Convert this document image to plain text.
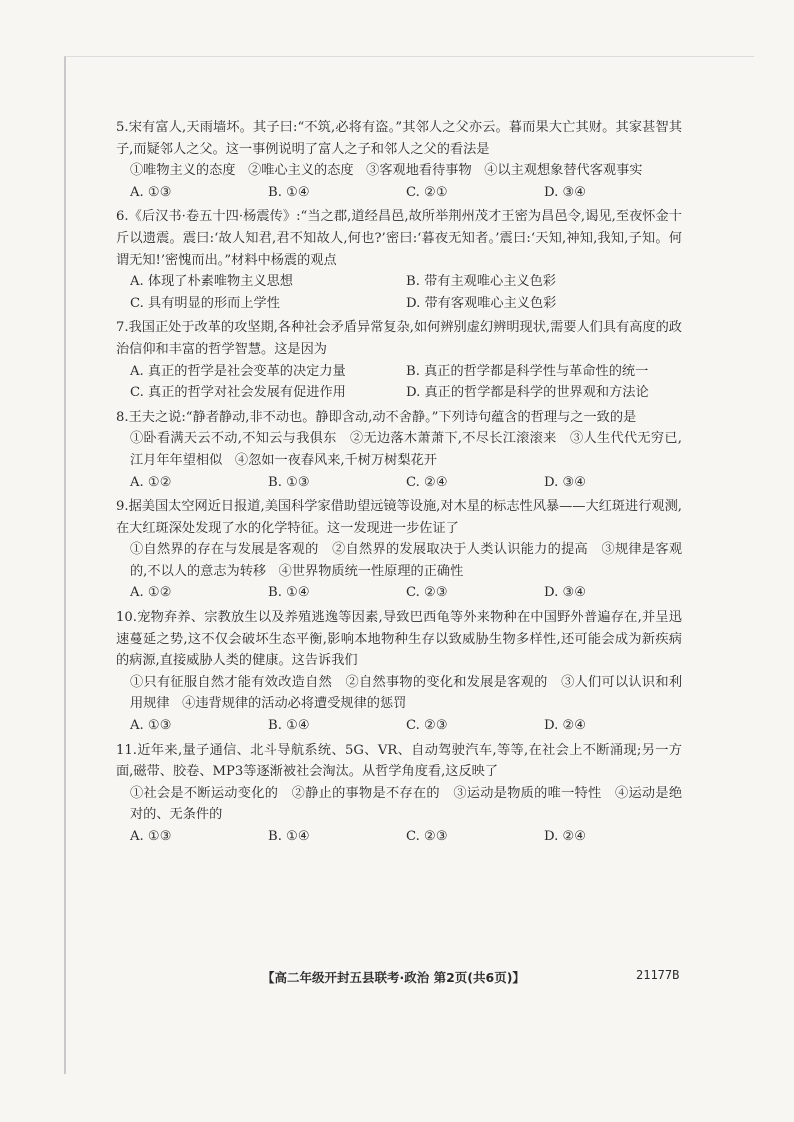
5.宋有富人,天雨墙坏。其子曰:“不筑,必将有盗。”其邻人之父亦云。暮而果大亡其财。其家甚智其子,而疑邻人之父。这一事例说明了富人之子和邻人之父的看法是

①唯物主义的态度 ②唯心主义的态度 ③客观地看待事物 ④以主观想象替代客观事实

A. ①③	B. ①④	C. ②①	D. ③④

6.《后汉书·卷五十四·杨震传》:“当之郡,道经昌邑,故所举荆州茂才王密为昌邑令,谒见,至夜怀金十斤以遗震。震曰:‘故人知君,君不知故人,何也?’密曰:‘暮夜无知者。’震曰:‘天知,神知,我知,子知。何谓无知!’密愧而出。”材料中杨震的观点

A. 体现了朴素唯物主义思想	B. 带有主观唯心主义色彩
C. 具有明显的形而上学性	D. 带有客观唯心主义色彩

7.我国正处于改革的攻坚期,各种社会矛盾异常复杂,如何辨别虚幻辨明现状,需要人们具有高度的政治信仰和丰富的哲学智慧。这是因为

A. 真正的哲学是社会变革的决定力量	B. 真正的哲学都是科学性与革命性的统一
C. 真正的哲学对社会发展有促进作用	D. 真正的哲学都是科学的世界观和方法论

8.王夫之说:“静者静动,非不动也。静即含动,动不舍静。”下列诗句蕴含的哲理与之一致的是

①卧看满天云不动,不知云与我俱东 ②无边落木萧萧下,不尽长江滚滚来 ③人生代代无穷已,江月年年望相似 ④忽如一夜春风来,千树万树梨花开

A. ①②	B. ①③	C. ②④	D. ③④

9.据美国太空网近日报道,美国科学家借助望远镜等设施,对木星的标志性风暴——大红斑进行观测,在大红斑深处发现了水的化学特征。这一发现进一步佐证了

①自然界的存在与发展是客观的 ②自然界的发展取决于人类认识能力的提高 ③规律是客观的,不以人的意志为转移 ④世界物质统一性原理的正确性

A. ①②	B. ①④	C. ②③	D. ③④

10.宠物弃养、宗教放生以及养殖逃逸等因素,导致巴西龟等外来物种在中国野外普遍存在,并呈迅速蔓延之势,这不仅会破坏生态平衡,影响本地物种生存以致威胁生物多样性,还可能会成为新疾病的病源,直接威胁人类的健康。这告诉我们

①只有征服自然才能有效改造自然 ②自然事物的变化和发展是客观的 ③人们可以认识和利用规律 ④违背规律的活动必将遭受规律的惩罚

A. ①③	B. ①④	C. ②③	D. ②④

11.近年来,量子通信、北斗导航系统、5G、VR、自动驾驶汽车,等等,在社会上不断涌现;另一方面,磁带、胶卷、MP3等逐渐被社会淘汰。从哲学角度看,这反映了

①社会是不断运动变化的 ②静止的事物是不存在的 ③运动是物质的唯一特性 ④运动是绝对的、无条件的

A. ①③	B. ①④	C. ②③	D. ②④
【高二年级开封五县联考·政治 第2页(共6页)】	21177B
